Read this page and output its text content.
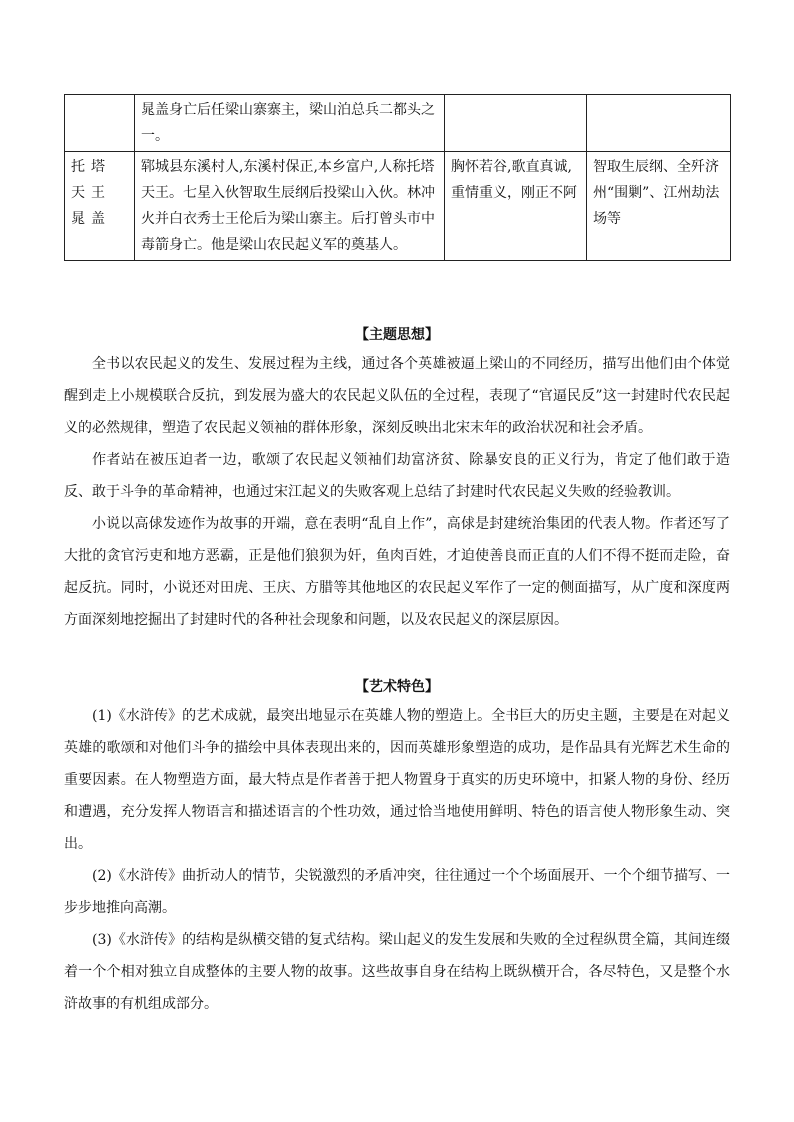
	晁盖身亡后任梁山寨寨主，梁山泊总兵二都头之一。		
托塔天王晁盖	郓城县东溪村人,东溪村保正,本乡富户,人称托塔天王。七星入伙智取生辰纲后投梁山入伙。林冲火并白衣秀士王伦后为梁山寨主。后打曾头市中毒箭身亡。他是梁山农民起义军的奠基人。	胸怀若谷,歌直真诚,重情重义，刚正不阿	智取生辰纲、全歼济州“围剿”、江州劫法场等
【主题思想】

全书以农民起义的发生、发展过程为主线，通过各个英雄被逼上梁山的不同经历，描写出他们由个体觉醒到走上小规模联合反抗，到发展为盛大的农民起义队伍的全过程，表现了“官逼民反”这一封建时代农民起义的必然规律，塑造了农民起义领袖的群体形象，深刻反映出北宋末年的政治状况和社会矛盾。

作者站在被压迫者一边，歌颂了农民起义领袖们劫富济贫、除暴安良的正义行为，肯定了他们敢于造反、敢于斗争的革命精神，也通过宋江起义的失败客观上总结了封建时代农民起义失败的经验教训。

小说以高俅发迹作为故事的开端，意在表明“乱自上作”，高俅是封建统治集团的代表人物。作者还写了大批的贪官污吏和地方恶霸，正是他们狼狈为奸，鱼肉百姓，才迫使善良而正直的人们不得不挺而走险，奋起反抗。同时，小说还对田虎、王庆、方腊等其他地区的农民起义军作了一定的侧面描写，从广度和深度两方面深刻地挖掘出了封建时代的各种社会现象和问题，以及农民起义的深层原因。

【艺术特色】

(1)《水浒传》的艺术成就，最突出地显示在英雄人物的塑造上。全书巨大的历史主题，主要是在对起义英雄的歌颂和对他们斗争的描绘中具体表现出来的，因而英雄形象塑造的成功，是作品具有光辉艺术生命的重要因素。在人物塑造方面，最大特点是作者善于把人物置身于真实的历史环境中，扣紧人物的身份、经历和遭遇，充分发挥人物语言和描述语言的个性功效，通过恰当地使用鲜明、特色的语言使人物形象生动、突出。

(2)《水浒传》曲折动人的情节，尖锐激烈的矛盾冲突，往往通过一个个场面展开、一个个细节描写、一步步地推向高潮。

(3)《水浒传》的结构是纵横交错的复式结构。梁山起义的发生发展和失败的全过程纵贯全篇，其间连缀着一个个相对独立自成整体的主要人物的故事。这些故事自身在结构上既纵横开合，各尽特色，又是整个水浒故事的有机组成部分。
